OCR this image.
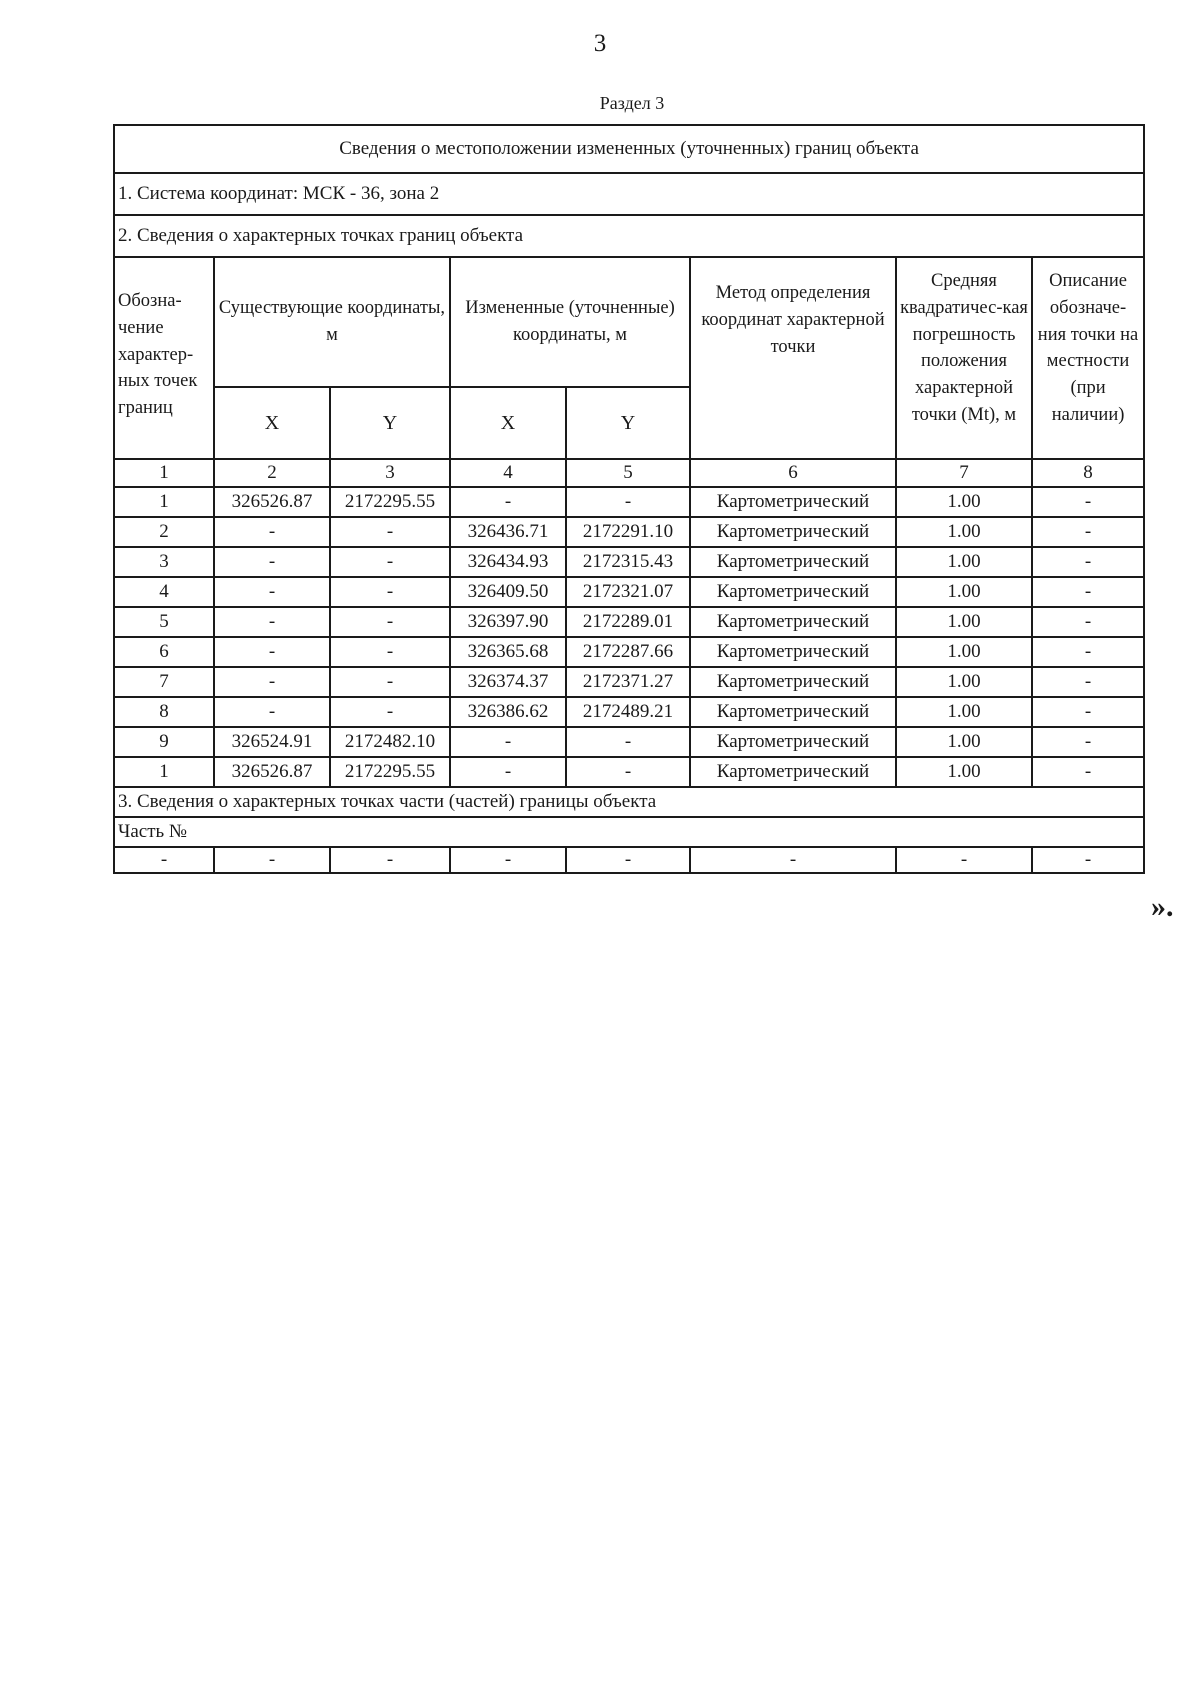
3
Раздел 3
Сведения о местоположении измененных (уточненных) границ объекта							
1. Система координат: МСК - 36, зона 2							
2. Сведения о характерных точках границ объекта							
Обозна-чение характер-ных точек границ	Существующие координаты, м		Измененные (уточненные) координаты, м		Метод определения координат характерной точки	Средняя квадратичес-кая погрешность положения характерной точки (Mt), м	Описание обозначе-ния точки на местности (при наличии)
	X	Y	X	Y			
1	2	3	4	5	6	7	8
1	326526.87	2172295.55	-	-	Картометрический	1.00	-
2	-	-	326436.71	2172291.10	Картометрический	1.00	-
3	-	-	326434.93	2172315.43	Картометрический	1.00	-
4	-	-	326409.50	2172321.07	Картометрический	1.00	-
5	-	-	326397.90	2172289.01	Картометрический	1.00	-
6	-	-	326365.68	2172287.66	Картометрический	1.00	-
7	-	-	326374.37	2172371.27	Картометрический	1.00	-
8	-	-	326386.62	2172489.21	Картометрический	1.00	-
9	326524.91	2172482.10	-	-	Картометрический	1.00	-
1	326526.87	2172295.55	-	-	Картометрический	1.00	-
3. Сведения о характерных точках части (частей) границы объекта							
Часть №							
-	-	-	-	-	-	-	-
».
